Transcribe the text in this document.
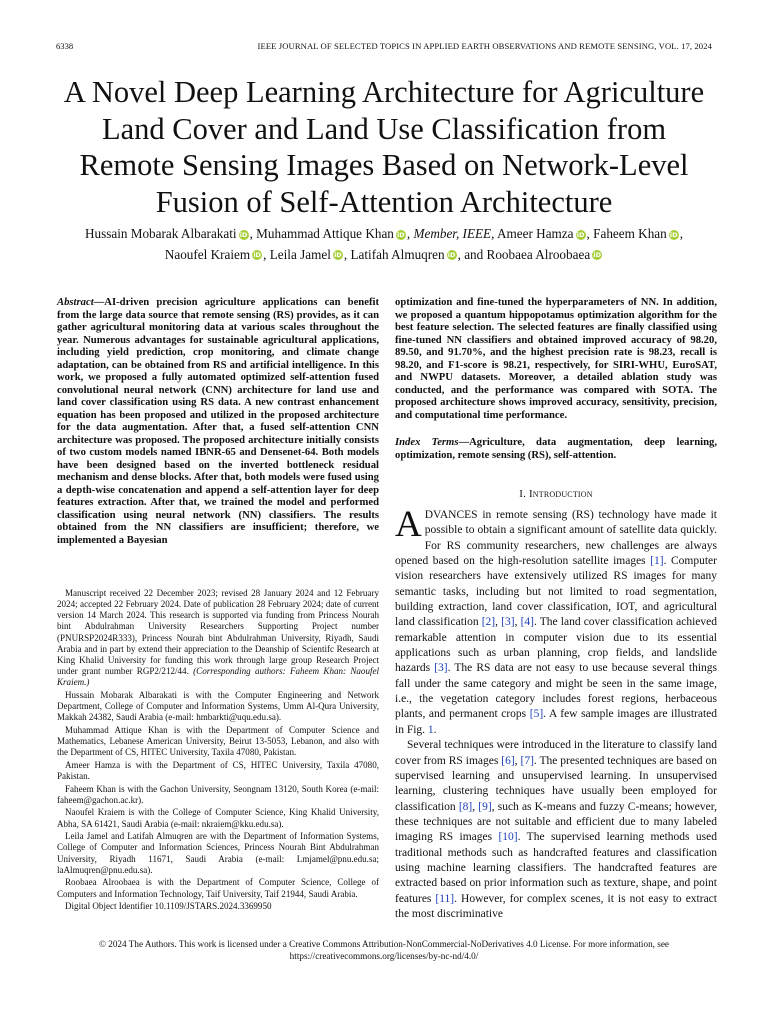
6338	IEEE JOURNAL OF SELECTED TOPICS IN APPLIED EARTH OBSERVATIONS AND REMOTE SENSING, VOL. 17, 2024
A Novel Deep Learning Architecture for Agriculture
Land Cover and Land Use Classification from
Remote Sensing Images Based on Network-Level
Fusion of Self-Attention Architecture
Hussain Mobarak Albarakati iD , Muhammad Attique Khan iD , Member, IEEE, Ameer Hamza iD , Faheem Khan iD ,
Naoufel Kraiem iD , Leila Jamel iD , Latifah Almuqren iD , and Roobaea Alroobaea iD

Abstract—AI-driven precision agriculture applications can benefit from the large data source that remote sensing (RS) provides, as it can gather agricultural monitoring data at various scales throughout the year. Numerous advantages for sustainable agricultural applications, including yield prediction, crop monitoring, and climate change adaptation, can be obtained from RS and artificial intelligence. In this work, we proposed a fully automated optimized self-attention fused convolutional neural network (CNN) architecture for land use and land cover classification using RS data. A new contrast enhancement equation has been proposed and utilized in the proposed architecture for the data augmentation. After that, a fused self-attention CNN architecture was proposed. The proposed architecture initially consists of two custom models named IBNR-65 and Densenet-64. Both models have been designed based on the inverted bottleneck residual mechanism and dense blocks. After that, both models were fused using a depth-wise concatenation and append a self-attention layer for deep features extraction. After that, we trained the model and performed classification using neural network (NN) classifiers. The results obtained from the NN classifiers are insufficient; therefore, we implemented a Bayesian

optimization and fine-tuned the hyperparameters of NN. In addition, we proposed a quantum hippopotamus optimization algorithm for the best feature selection. The selected features are finally classified using fine-tuned NN classifiers and obtained improved accuracy of 98.20, 89.50, and 91.70%, and the highest precision rate is 98.23, recall is 98.20, and F1-score is 98.21, respectively, for SIRI-WHU, EuroSAT, and NWPU datasets. Moreover, a detailed ablation study was conducted, and the performance was compared with SOTA. The proposed architecture shows improved accuracy, sensitivity, precision, and computational time performance.

Index Terms—Agriculture, data augmentation, deep learning, optimization, remote sensing (RS), self-attention.

I. Introduction

ADVANCES in remote sensing (RS) technology have made it possible to obtain a significant amount of satellite data quickly. For RS community researchers, new challenges are always opened based on the high-resolution satellite images [1]. Computer vision researchers have extensively utilized RS images for many semantic tasks, including but not limited to road segmentation, building extraction, land cover classification, IOT, and agricultural land classification [2], [3], [4]. The land cover classification achieved remarkable attention in computer vision due to its essential applications such as urban planning, crop fields, and landslide hazards [3]. The RS data are not easy to use because several things fall under the same category and might be seen in the same image, i.e., the vegetation category includes forest regions, herbaceous plants, and permanent crops [5]. A few sample images are illustrated in Fig. 1.

Several techniques were introduced in the literature to classify land cover from RS images [6], [7]. The presented techniques are based on supervised learning and unsupervised learning. In unsupervised learning, clustering techniques have usually been employed for classification [8], [9], such as K-means and fuzzy C-means; however, these techniques are not suitable and efficient due to many labeled imaging RS images [10]. The supervised learning methods used traditional methods such as handcrafted features and classification using machine learning classifiers. The handcrafted features are extracted based on prior information such as texture, shape, and point features [11]. However, for complex scenes, it is not easy to extract the most discriminative

Manuscript received 22 December 2023; revised 28 January 2024 and 12 February 2024; accepted 22 February 2024. Date of publication 28 February 2024; date of current version 14 March 2024. This research is supported via funding from Princess Nourah bint Abdulrahman University Researchers Supporting Project number (PNURSP2024R333), Princess Nourah bint Abdulrahman University, Riyadh, Saudi Arabia and in part by extend their appreciation to the Deanship of Scientifc Research at King Khalid University for funding this work through large group Research Project under grant number RGP2/212/44. (Corresponding authors: Faheem Khan: Naoufel Kraiem.)

Hussain Mobarak Albarakati is with the Computer Engineering and Network Department, College of Computer and Information Systems, Umm Al-Qura University, Makkah 24382, Saudi Arabia (e-mail: hmbarkti@uqu.edu.sa).

Muhammad Attique Khan is with the Department of Computer Science and Mathematics, Lebanese American University, Beirut 13-5053, Lebanon, and also with the Department of CS, HITEC University, Taxila 47080, Pakistan.

Ameer Hamza is with the Department of CS, HITEC University, Taxila 47080, Pakistan.

Faheem Khan is with the Gachon University, Seongnam 13120, South Korea (e-mail: faheem@gachon.ac.kr).

Naoufel Kraiem is with the College of Computer Science, King Khalid University, Abha, SA 61421, Saudi Arabia (e-mail: nkraiem@kku.edu.sa).

Leila Jamel and Latifah Almuqren are with the Department of Information Systems, College of Computer and Information Sciences, Princess Nourah Bint Abdulrahman University, Riyadh 11671, Saudi Arabia (e-mail: Lmjamel@pnu.edu.sa; laAlmuqren@pnu.edu.sa).

Roobaea Alroobaea is with the Department of Computer Science, College of Computers and Information Technology, Taif University, Taif 21944, Saudi Arabia.

Digital Object Identifier 10.1109/JSTARS.2024.3369950

© 2024 The Authors. This work is licensed under a Creative Commons Attribution-NonCommercial-NoDerivatives 4.0 License. For more information, see
https://creativecommons.org/licenses/by-nc-nd/4.0/
